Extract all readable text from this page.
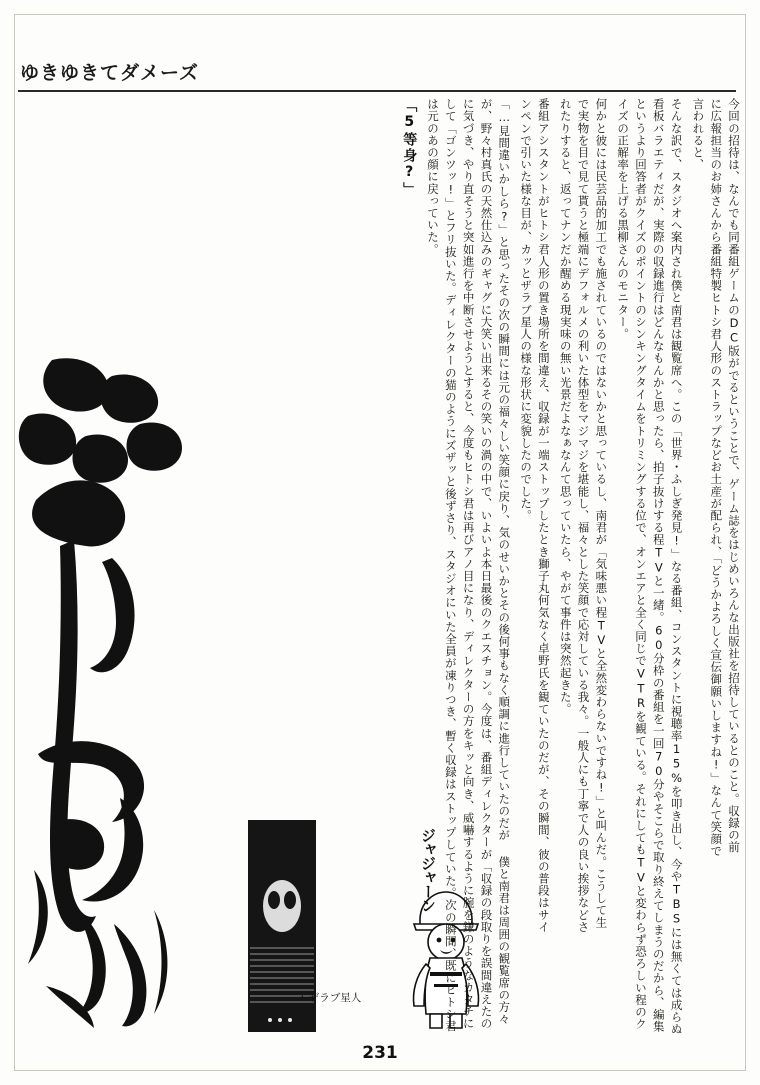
ゆきゆきてダメーズ
←ザラブ星人
ジャジャーン
「5等身?」	「…見間違いかしら?」と思ったその次の瞬間には元の福々しい笑顔に戻り、気のせいかとその後何事もなく順調に進行していたのだが 僕と南君は周囲の観覧席の方々が、野々村真氏の天然仕込みのギャグに大笑い出来るその笑いの渦の中で、いよいよ本日最後のクエスチョン。今度は、番組ディレクターが「収録の段取りを誤間違えたのに気づき、やり直そうと突如進行を中断させようとすると、今度もヒトシ君は再びアノ目になり、ディレクターの方をキッと向き、威嚇するように腕を鎌のようなカタチにして「ゴンツッ!」とフリ抜いた。ディレクターの猫のようにズザッと後ずさり、スタジオにいた全員が凍りつき、暫く収録はストップしていた。次の瞬間、既にヒトシ君は元のあの顔に戻っていた。	番組アシスタントがヒトシ君人形の置き場所を間違え、収録が一端ストップしたとき獅子丸何気なく卓野氏を観ていたのだが、その瞬間、彼の普段はサインペンで引いた様な目が、カッとザラブ星人の様な形状に変貌したのでした。	何かと彼には民芸品的加工でも施されているのではないかと思っているし、南君が「気味悪い程TVと全然変わらないですね!」と叫んだ。こうして生で実物を目で見て貰うと極端にデフォルメの利いた体型をマジマジを堪能し、福々とした笑顔で応対している我々。一般人にも丁寧で人の良い挨拶などされたりすると、返ってナンだか醒める現実味の無い光景だよなぁなんて思っていたら、やがて事件は突然起きた。	そんな訳で、スタジオへ案内され僕と南君は観覧席へ。この「世界・ふしぎ発見!」なる番組、コンスタントに視聴率15%を叩き出し、今やTBSには無くては成らぬ看板バラエティだが、実際の収録進行はどんなもんかと思ったら、拍子抜けする程TVと一緒。60分枠の番組を一回70分やそこらで取り終えてしまうのだから、編集というより回答者がクイズのポイントのシンキングタイムをトリミングする位で、オンエアと全く同じでVTRを観ている。それにしてもTVと変わらず恐ろしい程のクイズの正解率を上げる黒柳さんのモニター。	今回の招待は、なんでも同番組ゲームのDC版がでるということで、ゲーム誌をはじめいろんな出版社を招待しているとのこと。収録の前に広報担当のお姉さんから番組特製ヒトシ君人形のストラップなどお土産が配られ、「どうかよろしく宣伝御願いしますね!」なんて笑顔で言われると、
231
